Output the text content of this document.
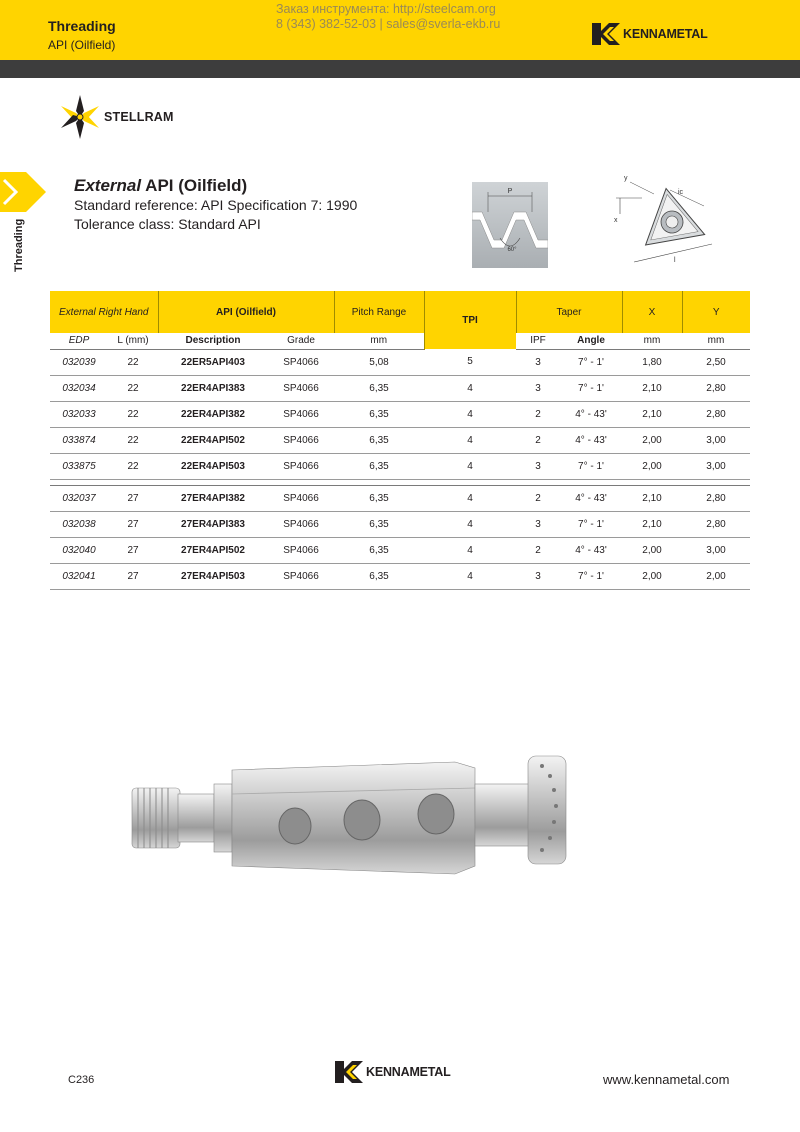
Threading
API (Oilfield)
Заказ инструмента: http://steelcam.org
8 (343) 382-52-03 | sales@sverla-ekb.ru
KENNAMETAL
Threading
STELLRAM
External API (Oilfield)
Standard reference: API Specification 7: 1990
Tolerance class: Standard API
P
60°
y
x
ic
l
External Right Hand		API (Oilfield)		Pitch Range	TPI	Taper		X	Y
EDP	L (mm)	Description	Grade	mm		IPF	Angle	mm	mm
032039	22	22ER5API403	SP4066	5,08	5	3	7° - 1'	1,80	2,50
032034	22	22ER4API383	SP4066	6,35	4	3	7° - 1'	2,10	2,80
032033	22	22ER4API382	SP4066	6,35	4	2	4° - 43'	2,10	2,80
033874	22	22ER4API502	SP4066	6,35	4	2	4° - 43'	2,00	3,00
033875	22	22ER4API503	SP4066	6,35	4	3	7° - 1'	2,00	3,00

032037	27	27ER4API382	SP4066	6,35	4	2	4° - 43'	2,10	2,80
032038	27	27ER4API383	SP4066	6,35	4	3	7° - 1'	2,10	2,80
032040	27	27ER4API502	SP4066	6,35	4	2	4° - 43'	2,00	3,00
032041	27	27ER4API503	SP4066	6,35	4	3	7° - 1'	2,00	2,00
C236
KENNAMETAL	www.kennametal.com
